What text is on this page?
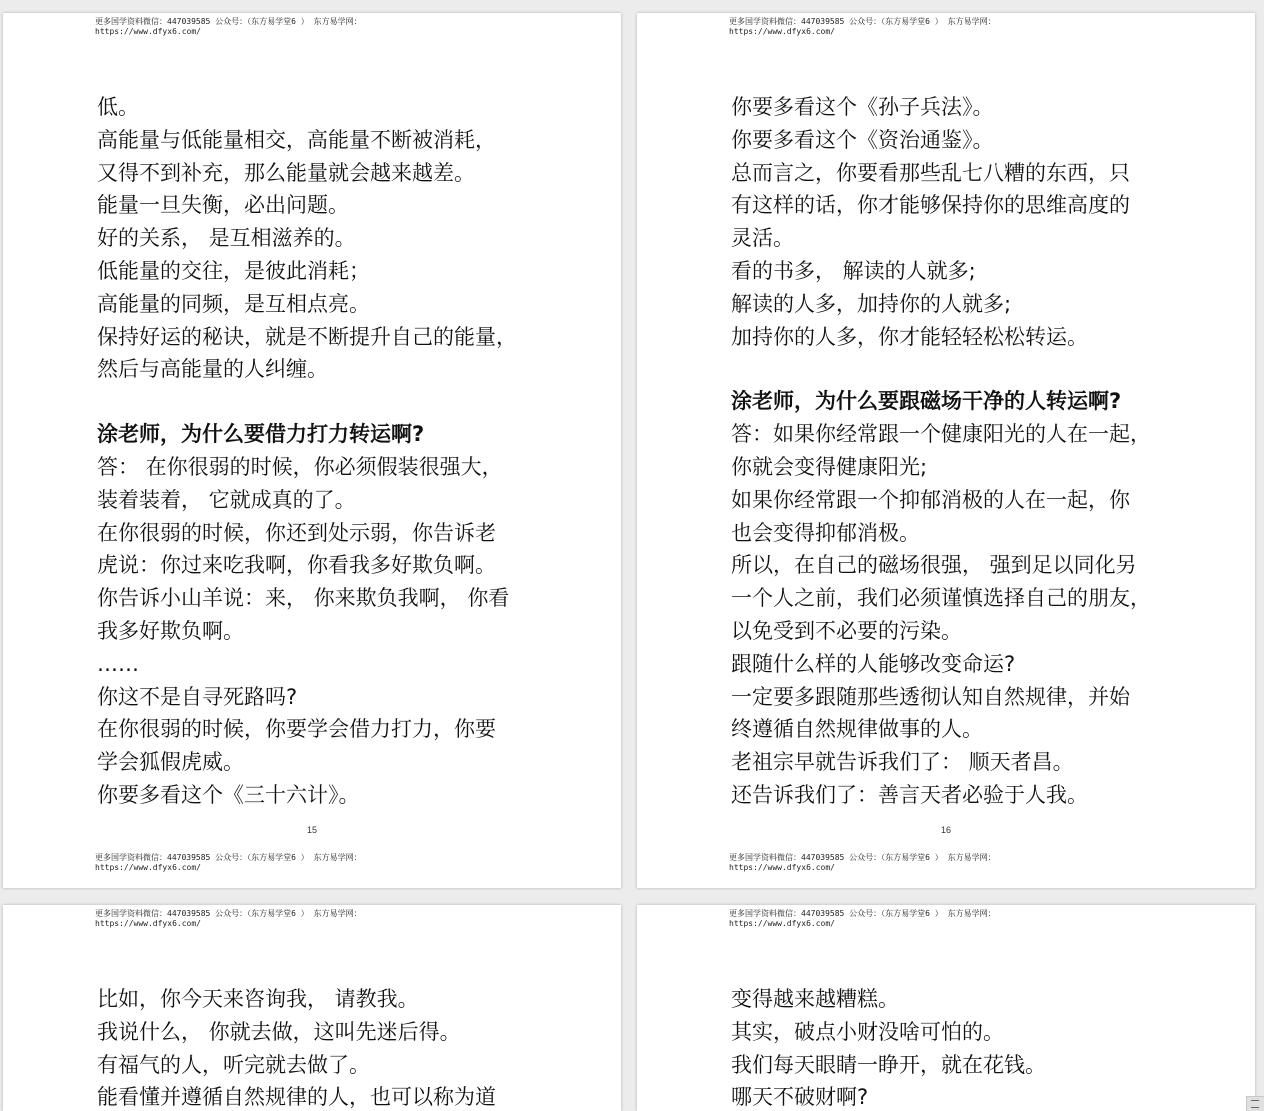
更多国学资料微信：447039585 公众号：（东方易学堂6 ） 东方易学网：
https://www.dfyx6.com/
低。
高能量与低能量相交，高能量不断被消耗，
又得不到补充，那么能量就会越来越差。
能量一旦失衡，必出问题。
好的关系， 是互相滋养的。
低能量的交往，是彼此消耗；
高能量的同频，是互相点亮。
保持好运的秘诀，就是不断提升自己的能量，
然后与高能量的人纠缠。
涂老师，为什么要借力打力转运啊?
答： 在你很弱的时候，你必须假装很强大，
装着装着， 它就成真的了。
在你很弱的时候，你还到处示弱，你告诉老
虎说：你过来吃我啊，你看我多好欺负啊。
你告诉小山羊说：来， 你来欺负我啊， 你看
我多好欺负啊。
……
你这不是自寻死路吗?
在你很弱的时候，你要学会借力打力，你要
学会狐假虎威。
你要多看这个《三十六计》。
15
更多国学资料微信：447039585 公众号：（东方易学堂6 ） 东方易学网：
https://www.dfyx6.com/
更多国学资料微信：447039585 公众号：（东方易学堂6 ） 东方易学网：
https://www.dfyx6.com/
你要多看这个《孙子兵法》。
你要多看这个《资治通鉴》。
总而言之，你要看那些乱七八糟的东西，只
有这样的话，你才能够保持你的思维高度的
灵活。
看的书多， 解读的人就多;
解读的人多，加持你的人就多;
加持你的人多，你才能轻轻松松转运。
涂老师，为什么要跟磁场干净的人转运啊?
答：如果你经常跟一个健康阳光的人在一起，
你就会变得健康阳光;
如果你经常跟一个抑郁消极的人在一起，你
也会变得抑郁消极。
所以，在自己的磁场很强， 强到足以同化另
一个人之前，我们必须谨慎选择自己的朋友，
以免受到不必要的污染。
跟随什么样的人能够改变命运?
一定要多跟随那些透彻认知自然规律，并始
终遵循自然规律做事的人。
老祖宗早就告诉我们了： 顺天者昌。
还告诉我们了：善言天者必验于人我。
16
更多国学资料微信：447039585 公众号：（东方易学堂6 ） 东方易学网：
https://www.dfyx6.com/
更多国学资料微信：447039585 公众号：（东方易学堂6 ） 东方易学网：
https://www.dfyx6.com/
比如，你今天来咨询我， 请教我。
我说什么， 你就去做，这叫先迷后得。
有福气的人，听完就去做了。
能看懂并遵循自然规律的人，也可以称为道
更多国学资料微信：447039585 公众号：（东方易学堂6 ） 东方易学网：
https://www.dfyx6.com/
变得越来越糟糕。
其实，破点小财没啥可怕的。
我们每天眼睛一睁开，就在花钱。
哪天不破财啊?
